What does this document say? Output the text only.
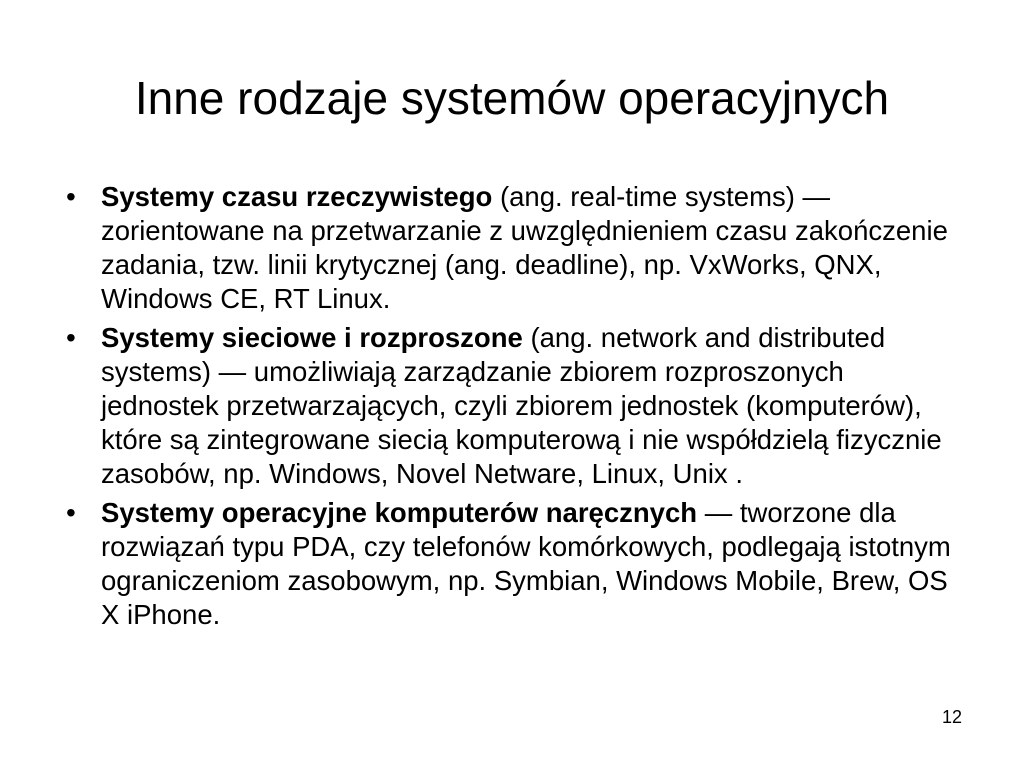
Inne rodzaje systemów operacyjnych
• Systemy czasu rzeczywistego (ang. real-time systems) — zorientowane na przetwarzanie z uwzględnieniem czasu zakończenie zadania, tzw. linii krytycznej (ang. deadline), np. VxWorks, QNX, Windows CE, RT Linux.
• Systemy sieciowe i rozproszone (ang. network and distributed systems) — umożliwiają zarządzanie zbiorem rozproszonych jednostek przetwarzających, czyli zbiorem jednostek (komputerów), które są zintegrowane siecią komputerową i nie współdzielą fizycznie zasobów, np. Windows, Novel Netware, Linux, Unix .
• Systemy operacyjne komputerów naręcznych — tworzone dla rozwiązań typu PDA, czy telefonów komórkowych, podlegają istotnym ograniczeniom zasobowym, np. Symbian, Windows Mobile, Brew, OS X iPhone.
12
